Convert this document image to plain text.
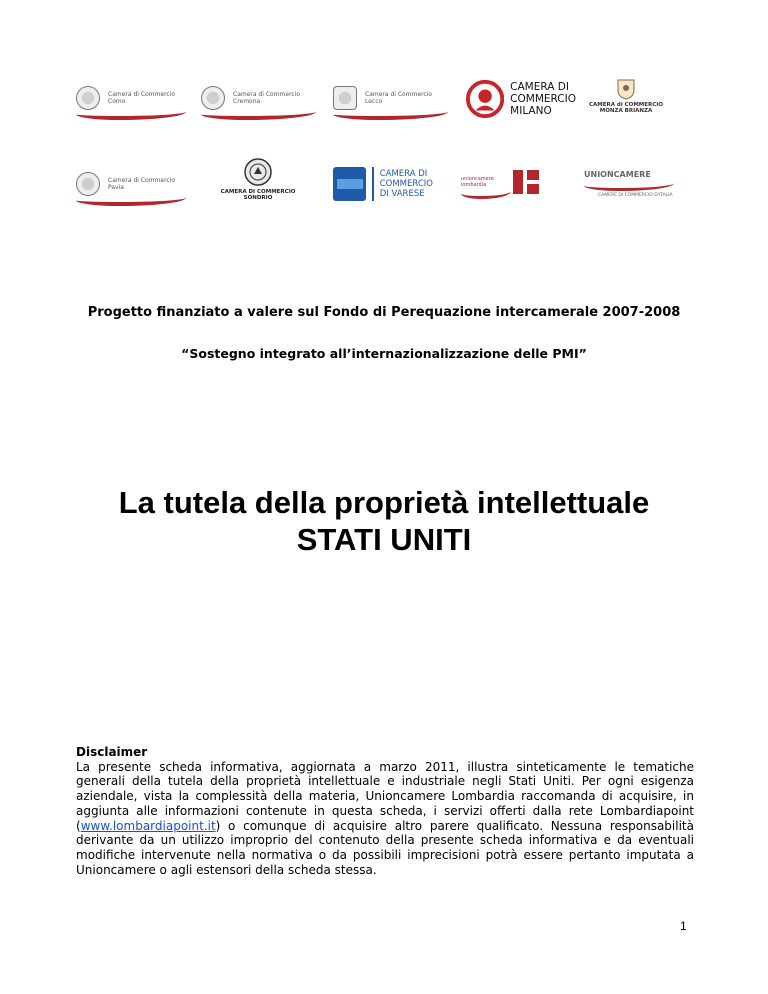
Camera di Commercio
Como
Camera di Commercio
Cremona
Camera di Commercio
Lecco
CAMERA DI
COMMERCIO
MILANO	CAMERA di COMMERCIO MONZA BRIANZA
Camera di Commercio
Pavia
CAMERA DI COMMERCIO SONDRIO
CAMERA DI
COMMERCIO
DI VARESE
unioncamere lombardia
UNIONCAMERE
CAMERE DI COMMERCIO D'ITALIA
Progetto finanziato a valere sul Fondo di Perequazione intercamerale 2007-2008
“Sostegno integrato all’internazionalizzazione delle PMI”
La tutela della proprietà intellettuale
STATI UNITI
Disclaimer

La presente scheda informativa, aggiornata a marzo 2011, illustra sinteticamente le tematiche generali della tutela della proprietà intellettuale e industriale negli Stati Uniti. Per ogni esigenza aziendale, vista la complessità della materia, Unioncamere Lombardia raccomanda di acquisire, in aggiunta alle informazioni contenute in questa scheda, i servizi offerti dalla rete Lombardiapoint (www.lombardiapoint.it) o comunque di acquisire altro parere qualificato. Nessuna responsabilità derivante da un utilizzo improprio del contenuto della presente scheda informativa e da eventuali modifiche intervenute nella normativa o da possibili imprecisioni potrà essere pertanto imputata a Unioncamere o agli estensori della scheda stessa.

1
